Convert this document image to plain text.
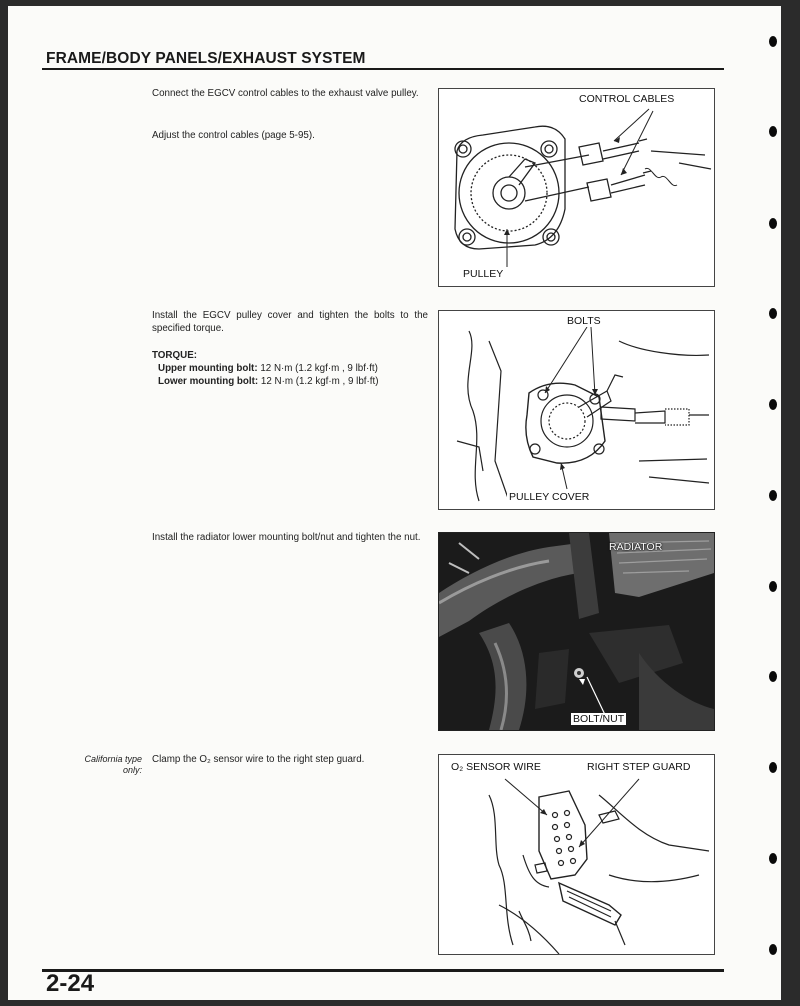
FRAME/BODY PANELS/EXHAUST SYSTEM
Connect the EGCV control cables to the exhaust valve pulley.
Adjust the control cables (page 5-95).
CONTROL CABLES
PULLEY
Install the EGCV pulley cover and tighten the bolts to the specified torque.
TORQUE:
Upper mounting bolt: 12 N·m (1.2 kgf·m , 9 lbf·ft)
Lower mounting bolt: 12 N·m (1.2 kgf·m , 9 lbf·ft)
BOLTS
PULLEY COVER
Install the radiator lower mounting bolt/nut and tighten the nut.
RADIATOR
BOLT/NUT
California type
only:
Clamp the O₂ sensor wire to the right step guard.
O₂ SENSOR WIRE	RIGHT STEP GUARD
2-24
